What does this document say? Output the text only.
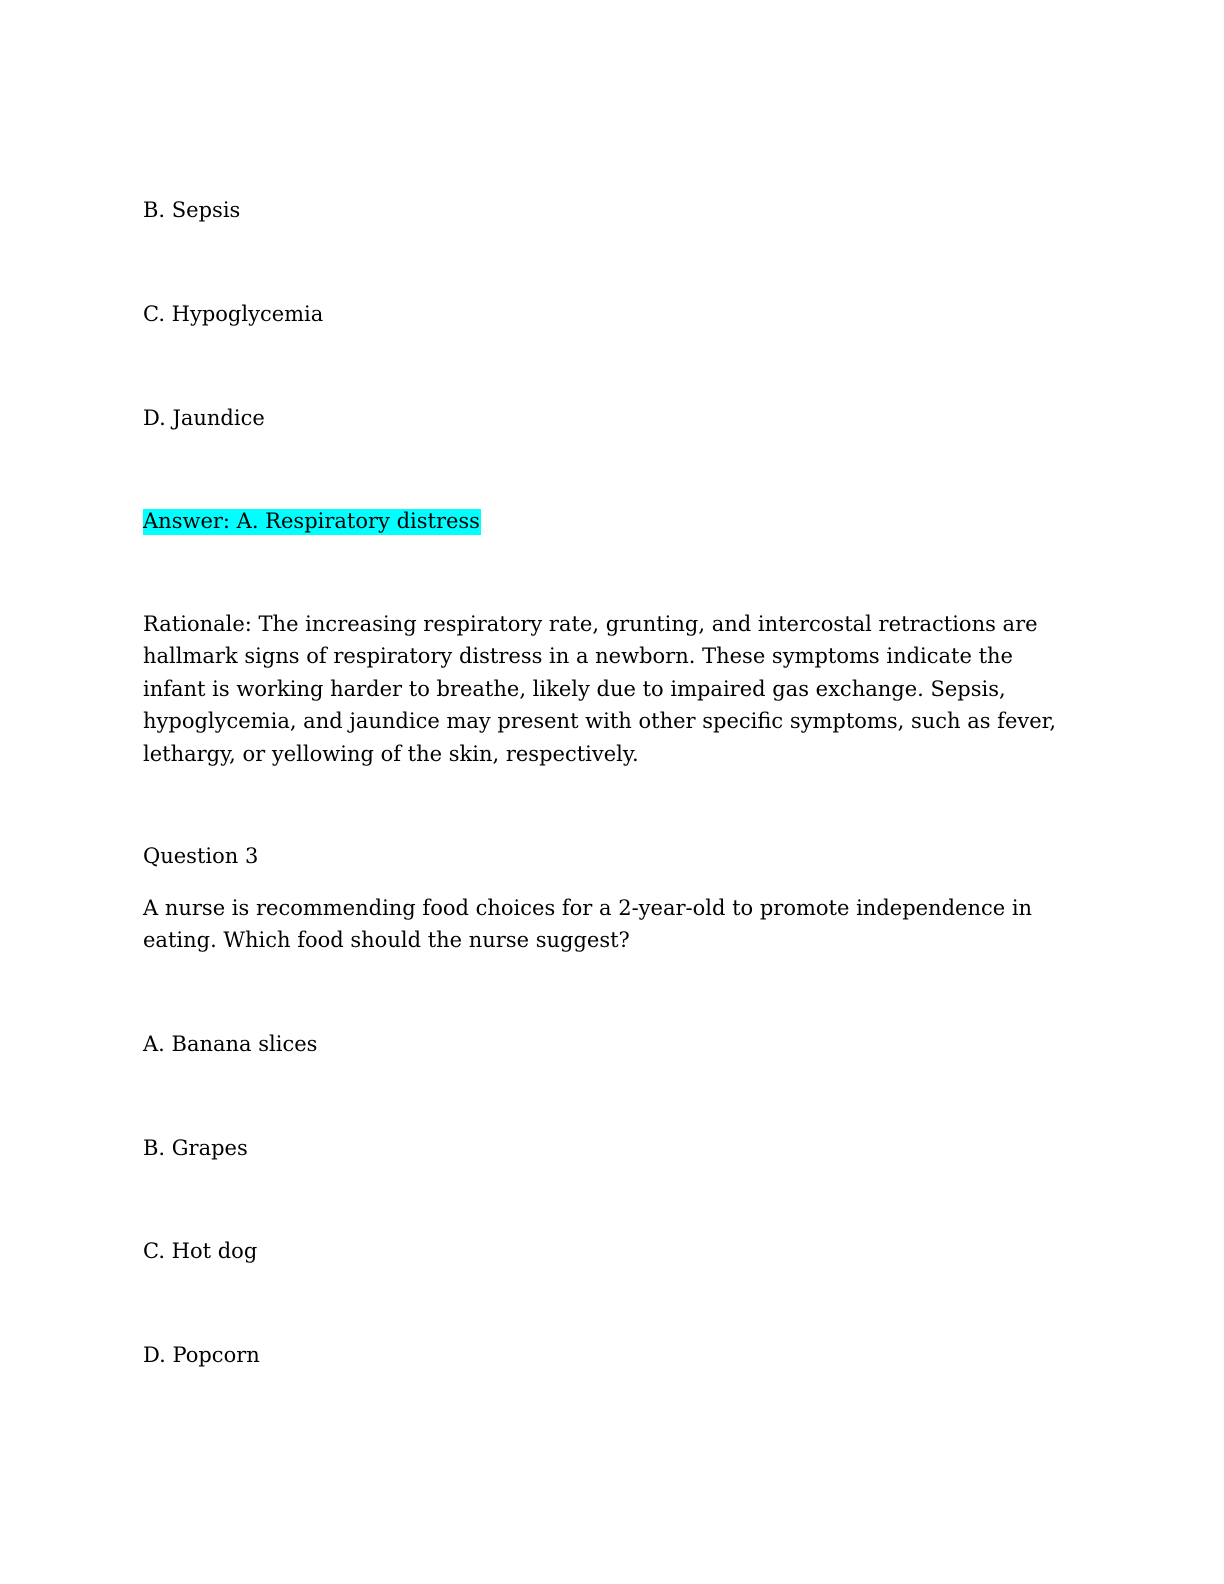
B. Sepsis

C. Hypoglycemia

D. Jaundice

Answer: A. Respiratory distress

Rationale: The increasing respiratory rate, grunting, and intercostal retractions are hallmark signs of respiratory distress in a newborn. These symptoms indicate the infant is working harder to breathe, likely due to impaired gas exchange. Sepsis, hypoglycemia, and jaundice may present with other specific symptoms, such as fever, lethargy, or yellowing of the skin, respectively.

Question 3

A nurse is recommending food choices for a 2-year-old to promote independence in eating. Which food should the nurse suggest?

A. Banana slices

B. Grapes

C. Hot dog

D. Popcorn
